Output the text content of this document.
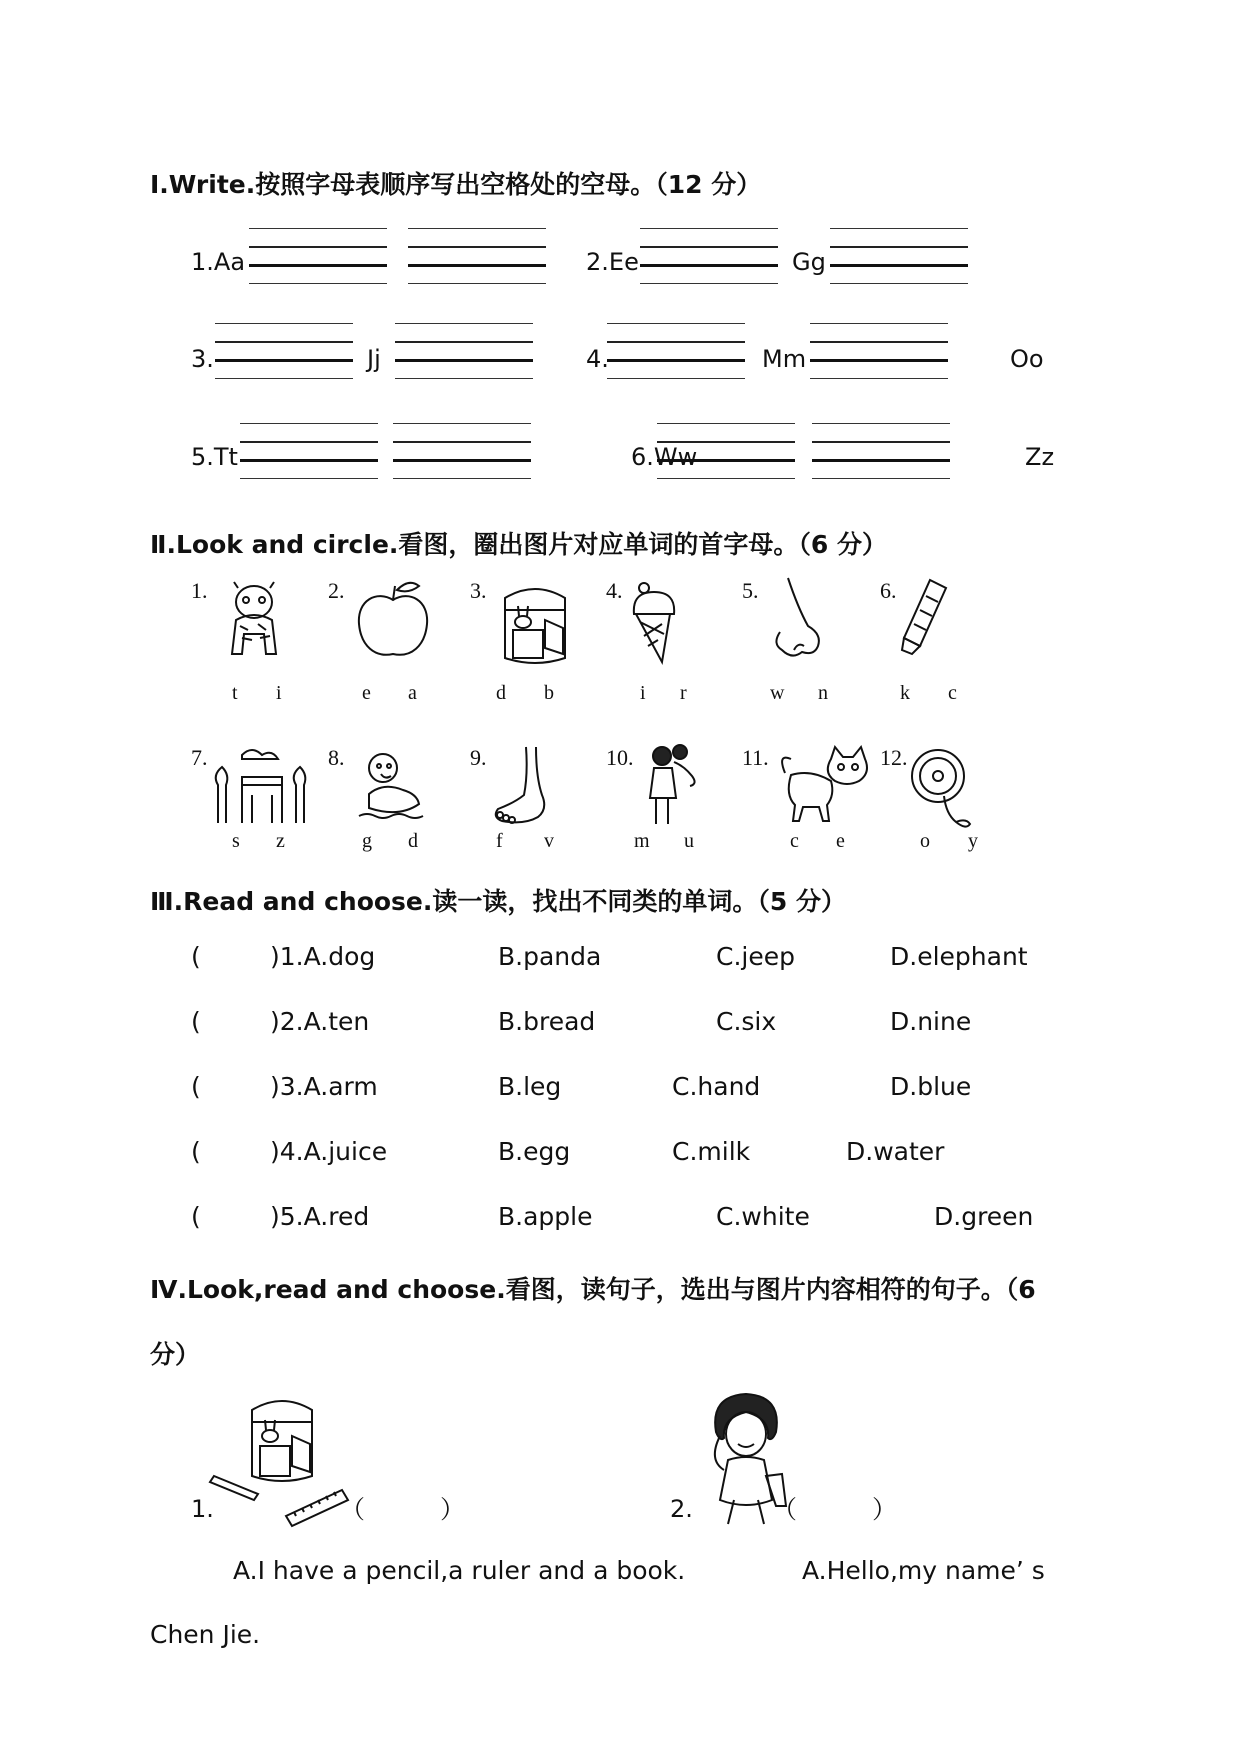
Ⅰ.Write.按照字母表顺序写出空格处的空母。（12 分）
1.Aa	2.Ee	Gg
3.	Jj	4.	Mm	Oo
5.Tt	6.Ww	Zz
Ⅱ.Look and circle.看图，圈出图片对应单词的首字母。（6 分）
1.	2.	3.	4.	5.	6.
t i	e a	d b	i r	w n	k c
7.	8.	9.	10.	11.	12.
s z	g d	f v	m u	c e	o y
Ⅲ.Read and choose.读一读，找出不同类的单词。（5 分）
(	)1.A.dog	B.panda	C.jeep	D.elephant
(	)2.A.ten	B.bread	C.six	D.nine
(	)3.A.arm	B.leg	C.hand	D.blue
(	)4.A.juice	B.egg	C.milk	D.water
(	)5.A.red	B.apple	C.white	D.green
Ⅳ.Look,read and choose.看图，读句子，选出与图片内容相符的句子。（6
分）
1.	（　　　）	2.	（　　　）
A.I have a pencil,a ruler and a book.	A.Hello,my name’ s
Chen Jie.
